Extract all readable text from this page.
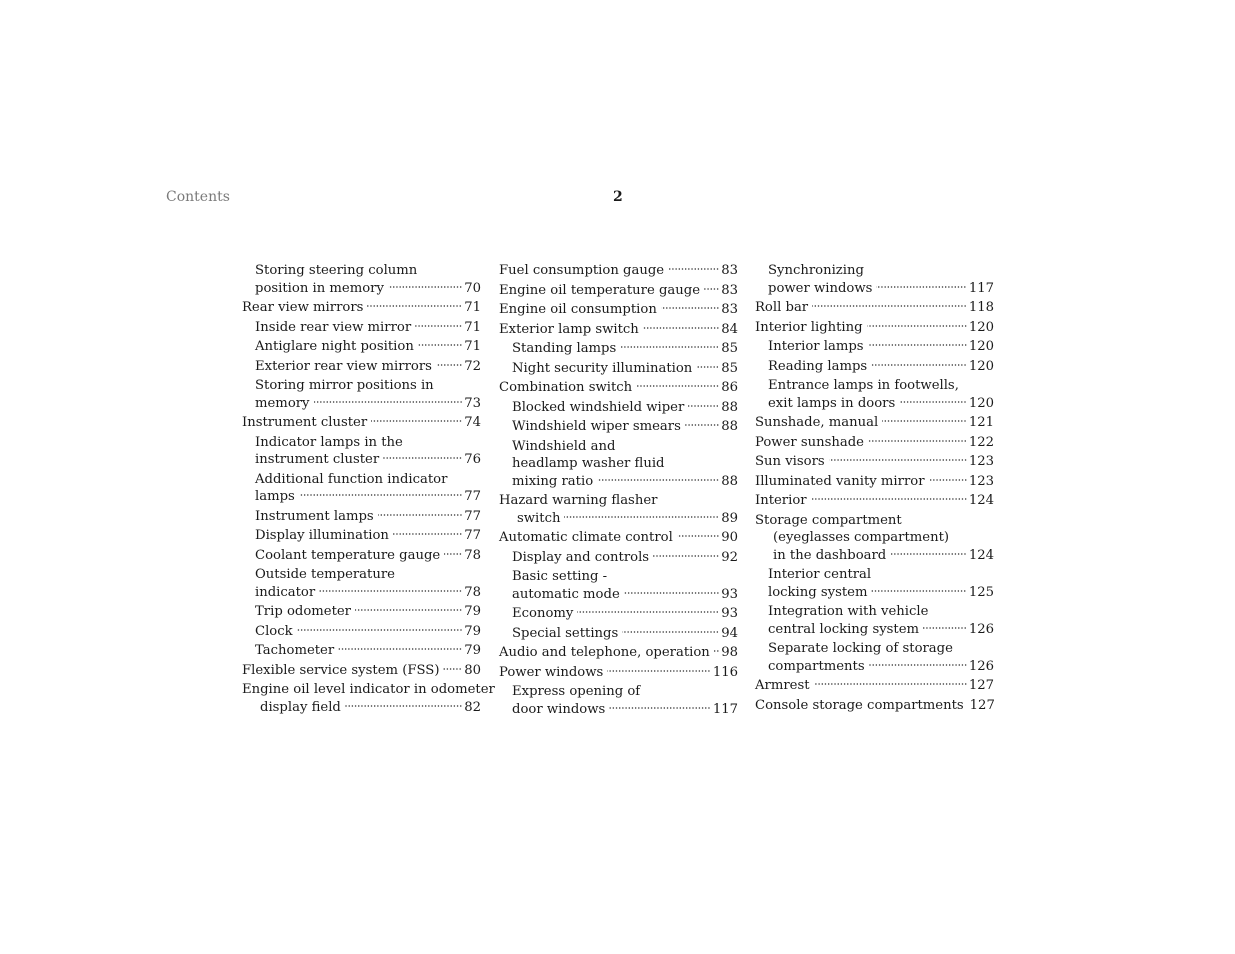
Contents	2
Storing steering column
position in memory	70
Rear view mirrors	71
Inside rear view mirror	71
Antiglare night position	71
Exterior rear view mirrors 72
Storing mirror positions in
memory	73
Instrument cluster	74
Indicator lamps in the
instrument cluster	76
Additional function indicator
lamps	77
Instrument lamps	77
Display illumination	77
Coolant temperature gauge 78
Outside temperature
indicator	78
Trip odometer	79
Clock	79
Tachometer	79
Flexible service system (FSS) 80
Engine oil level indicator in odometer
display field	82
Fuel consumption gauge	83
Engine oil temperature gauge 83
Engine oil consumption	83
Exterior lamp switch	84
Standing lamps	85
Night security illumination 85
Combination switch	86
Blocked windshield wiper	88
Windshield wiper smears	88
Windshield and
headlamp washer fluid
mixing ratio	88
Hazard warning flasher
switch	89
Automatic climate control	90
Display and controls	92
Basic setting -
automatic mode	93
Economy	93
Special settings	94
Audio and telephone, operation 98
Power windows	116
Express opening of
door windows	117
Synchronizing
power windows	117
Roll bar	118
Interior lighting	120
Interior lamps	120
Reading lamps	120
Entrance lamps in footwells,
exit lamps in doors	120
Sunshade, manual	121
Power sunshade	122
Sun visors	123
Illuminated vanity mirror	123
Interior	124
Storage compartment
(eyeglasses compartment)
in the dashboard	124
Interior central
locking system	125
Integration with vehicle
central locking system	126
Separate locking of storage
compartments	126
Armrest	127
Console storage compartments 127
